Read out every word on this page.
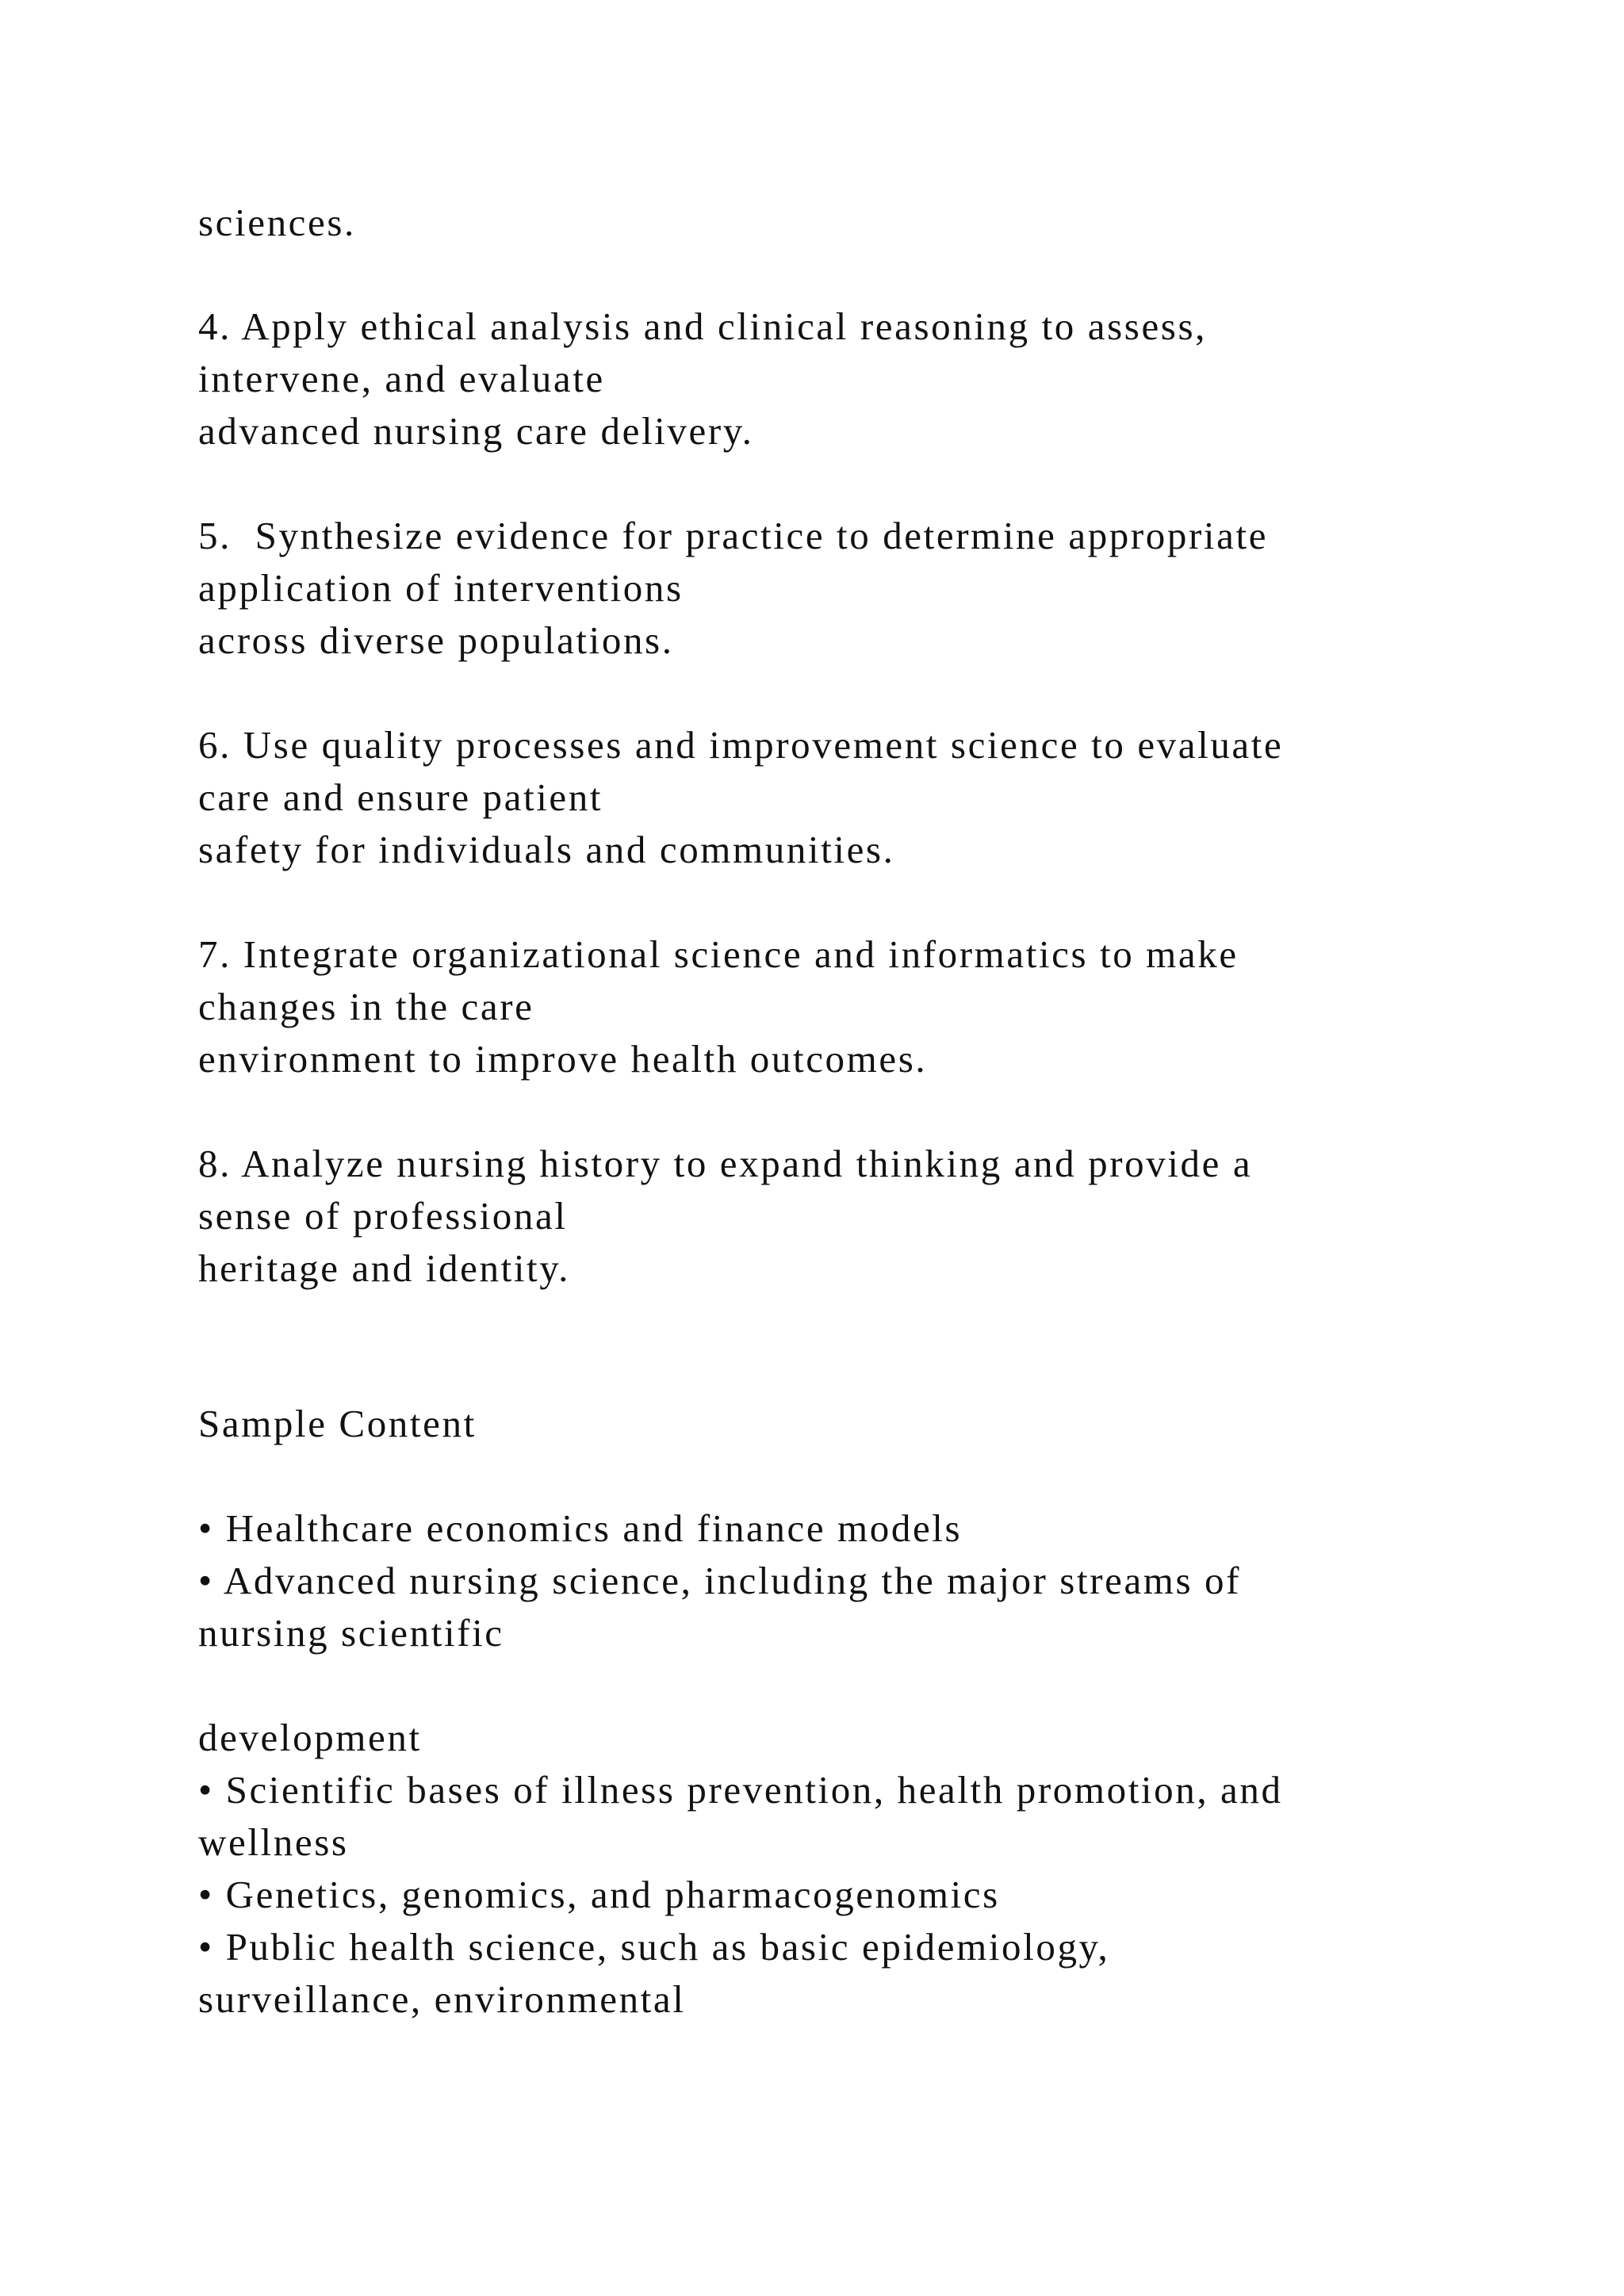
sciences.

4. Apply ethical analysis and clinical reasoning to assess,

intervene, and evaluate

advanced nursing care delivery.

5.  Synthesize evidence for practice to determine appropriate

application of interventions

across diverse populations.

6. Use quality processes and improvement science to evaluate

care and ensure patient

safety for individuals and communities.

7. Integrate organizational science and informatics to make

changes in the care

environment to improve health outcomes.

8. Analyze nursing history to expand thinking and provide a

sense of professional

heritage and identity.

Sample Content

• Healthcare economics and finance models

• Advanced nursing science, including the major streams of

nursing scientific

development

• Scientific bases of illness prevention, health promotion, and

wellness

• Genetics, genomics, and pharmacogenomics

• Public health science, such as basic epidemiology,

surveillance, environmental
